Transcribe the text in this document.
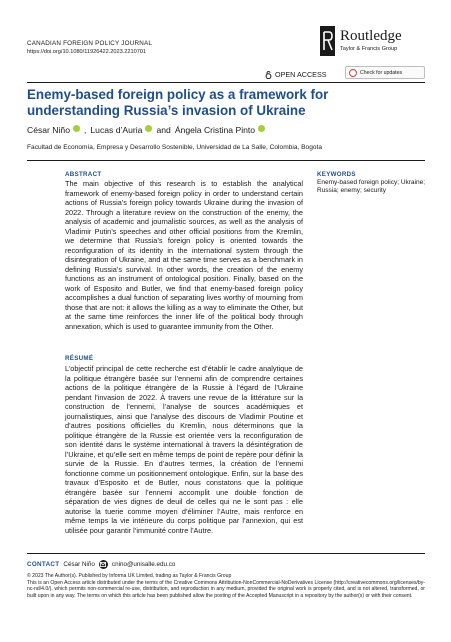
CANADIAN FOREIGN POLICY JOURNAL
https://doi.org/10.1080/11926422.2023.2210701
Routledge
Taylor & Francis Group
OPEN ACCESS	Check for updates
Enemy-based foreign policy as a framework for understanding Russia’s invasion of Ukraine
César Niño , Lucas d’Auria and Ángela Cristina Pinto
Facultad de Economía, Empresa y Desarrollo Sostenible, Universidad de La Salle, Colombia, Bogota
ABSTRACT
The main objective of this research is to establish the analytical framework of enemy-based foreign policy in order to understand certain actions of Russia’s foreign policy towards Ukraine during the invasion of 2022. Through a literature review on the construction of the enemy, the analysis of academic and journalistic sources, as well as the analysis of Vladimir Putin’s speeches and other official positions from the Kremlin, we determine that Russia’s foreign policy is oriented towards the reconfiguration of its identity in the international system through the disintegration of Ukraine, and at the same time serves as a benchmark in defining Russia’s survival. In other words, the creation of the enemy functions as an instrument of ontological position. Finally, based on the work of Esposito and Butler, we find that enemy-based foreign policy accomplishes a dual function of separating lives worthy of mourning from those that are not: it allows the killing as a way to eliminate the Other, but at the same time reinforces the inner life of the political body through annexation, which is used to guarantee immunity from the Other.
RÉSUMÉ
L’objectif principal de cette recherche est d’établir le cadre analytique de la politique étrangère basée sur l’ennemi afin de comprendre certaines actions de la politique étrangère de la Russie à l’égard de l’Ukraine pendant l’invasion de 2022. À travers une revue de la littérature sur la construction de l’ennemi, l’analyse de sources académiques et journalistiques, ainsi que l’analyse des discours de Vladimir Poutine et d’autres positions officielles du Kremlin, nous déterminons que la politique étrangère de la Russie est orientée vers la reconfiguration de son identité dans le système international à travers la désintégration de l’Ukraine, et qu’elle sert en même temps de point de repère pour définir la survie de la Russie. En d’autres termes, la création de l’ennemi fonctionne comme un positionnement ontologique. Enfin, sur la base des travaux d’Esposito et de Butler, nous constatons que la politique étrangère basée sur l’ennemi accomplit une double fonction de séparation de vies dignes de deuil de celles qui ne le sont pas : elle autorise la tuerie comme moyen d’éliminer l’Autre, mais renforce en même temps la vie intérieure du corps politique par l’annexion, qui est utilisée pour garantir l’immunité contre l’Autre.
KEYWORDS
Enemy-based foreign policy; Ukraine; Russia; enemy; security
CONTACT César Niño	cnino@unisalle.edu.co
© 2023 The Author(s). Published by Informa UK Limited, trading as Taylor & Francis Group
This is an Open Access article distributed under the terms of the Creative Commons Attribution-NonCommercial-NoDerivatives License (http://creativecommons.org/licenses/by-nc-nd/4.0/), which permits non-commercial re-use, distribution, and reproduction in any medium, provided the original work is properly cited, and is not altered, transformed, or built upon in any way. The terms on which this article has been published allow the posting of the Accepted Manuscript in a repository by the author(s) or with their consent.
